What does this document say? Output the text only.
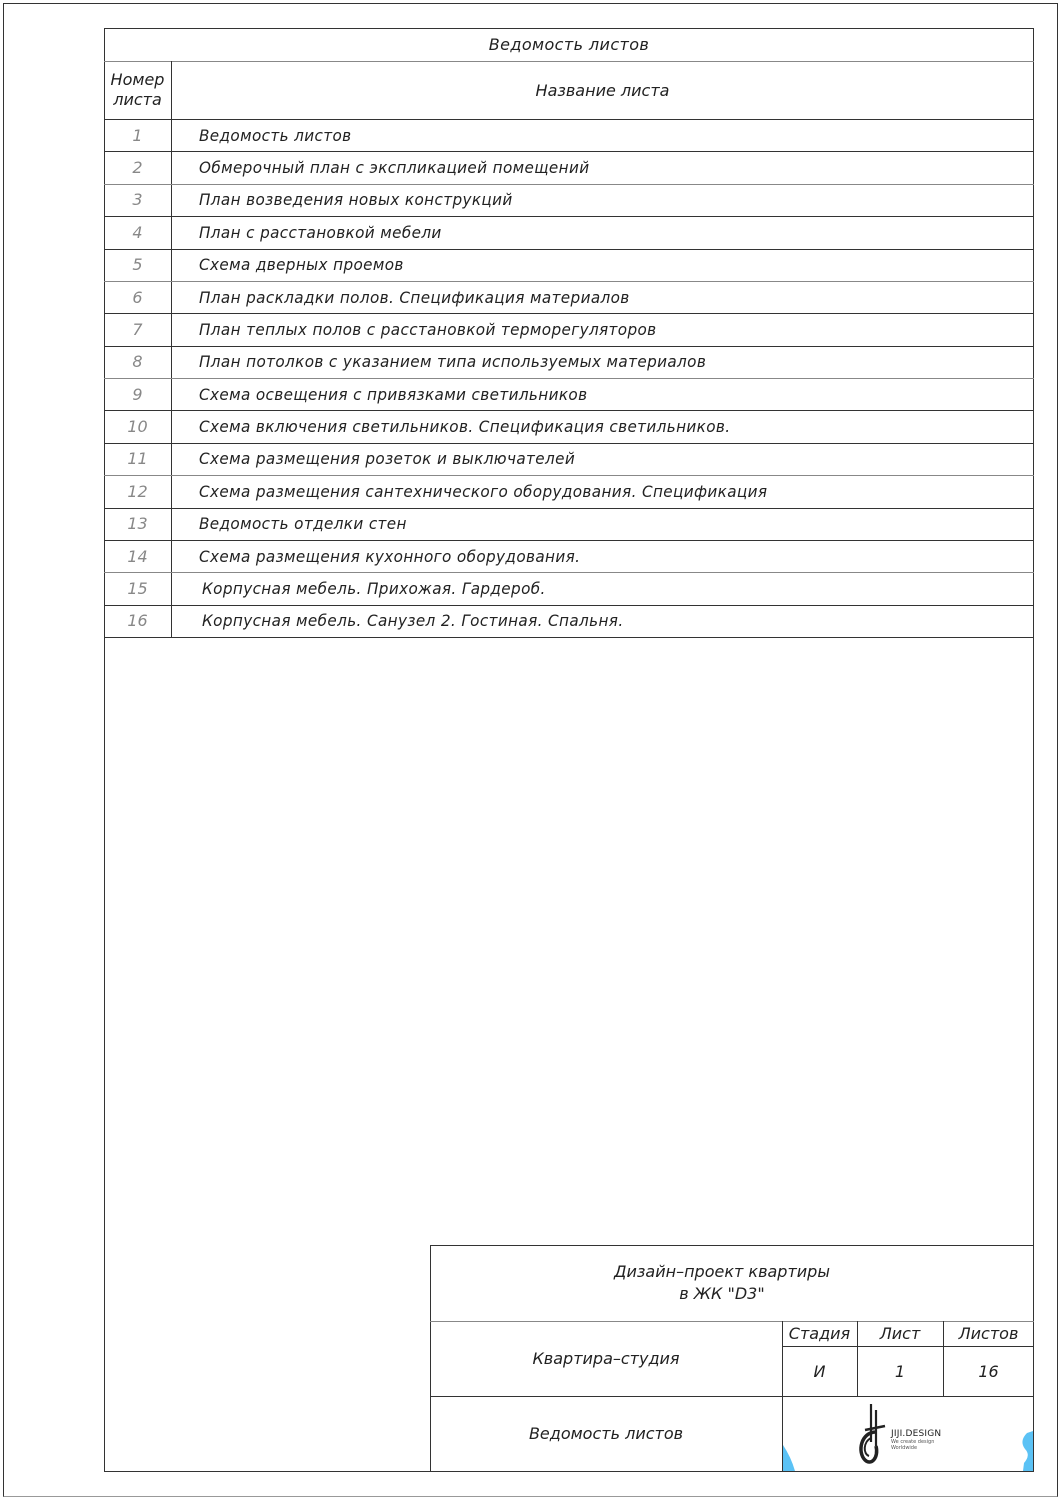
Ведомость листов
Номер
листа	Название листа
1	Ведомость листов
2	Обмерочный план с экспликацией помещений
3	План возведения новых конструкций
4	План с расстановкой мебели
5	Схема дверных проемов
6	План раскладки полов. Спецификация материалов
7	План теплых полов с расстановкой терморегуляторов
8	План потолков с указанием типа используемых материалов
9	Схема освещения с привязками светильников
10	Схема включения светильников. Спецификация светильников.
11	Схема размещения розеток и выключателей
12	Схема размещения сантехнического оборудования. Спецификация
13	Ведомость отделки стен
14	Схема размещения кухонного оборудования.
15	Корпусная мебель. Прихожая. Гардероб.
16	Корпусная мебель. Санузел 2. Гостиная. Спальня.
Дизайн–проект квартиры
в ЖК "D3"
Квартира–студия
Стадия	Лист	Листов
И	1	16
Ведомость листов	JIJI.DESIGN
We create design
Worldwide
